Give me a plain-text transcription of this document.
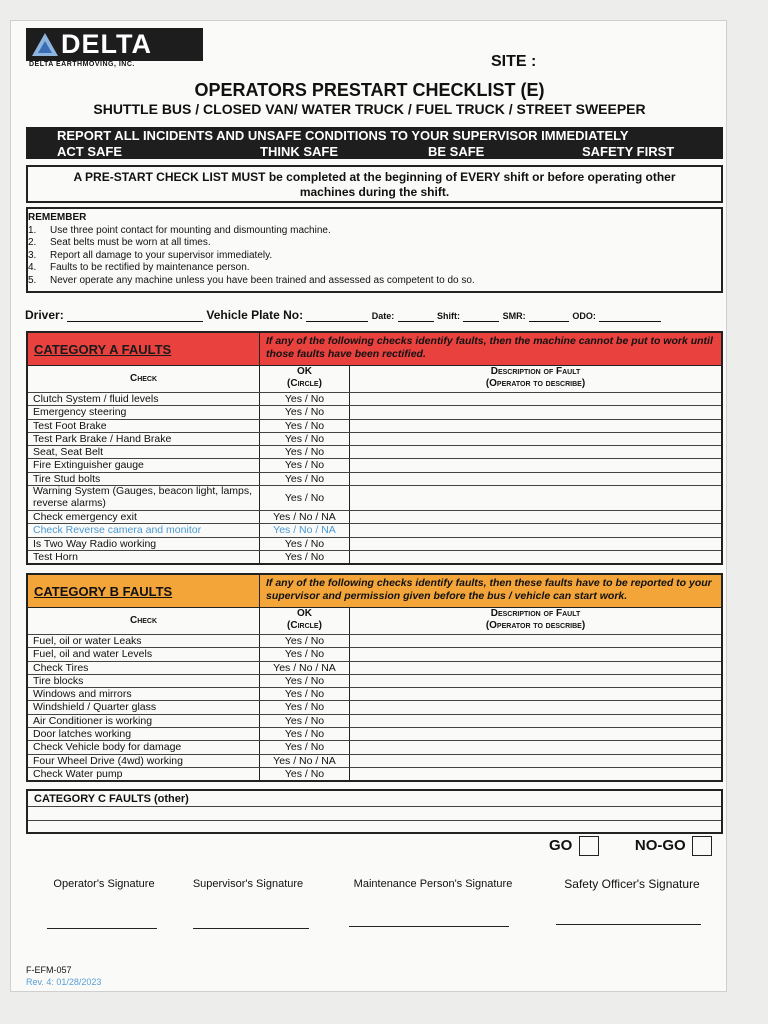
DELTA
DELTA EARTHMOVING, INC.	SITE :
OPERATORS PRESTART CHECKLIST (E)
SHUTTLE BUS / CLOSED VAN/ WATER TRUCK / FUEL TRUCK / STREET SWEEPER
REPORT ALL INCIDENTS AND UNSAFE CONDITIONS TO YOUR SUPERVISOR IMMEDIATELY
ACT SAFE	THINK SAFE	BE SAFE	SAFETY FIRST
A PRE-START CHECK LIST MUST be completed at the beginning of EVERY shift or before operating other
machines during the shift.
REMEMBER
1.	Use three point contact for mounting and dismounting machine.
2.	Seat belts must be worn at all times.
3.	Report all damage to your supervisor immediately.
4.	Faults to be rectified by maintenance person.
5.	Never operate any machine unless you have been trained and assessed as competent to do so.
Driver:	Vehicle Plate No:	Date:	Shift:	SMR:	ODO:
CATEGORY A FAULTS
If any of the following checks identify faults, then the machine cannot be put to work until those faults have been rectified.
Check
OK
(Circle)
Description of Fault
(Operator to describe)
Clutch System / fluid levels	Yes / No
Emergency steering	Yes / No
Test Foot Brake	Yes / No
Test Park Brake / Hand Brake	Yes / No
Seat, Seat Belt	Yes / No
Fire Extinguisher gauge	Yes / No
Tire Stud bolts	Yes / No
Warning System (Gauges, beacon light, lamps, reverse alarms)	Yes / No
Check emergency exit	Yes / No / NA
Check Reverse camera and monitor	Yes / No / NA
Is Two Way Radio working	Yes / No
Test Horn	Yes / No
CATEGORY B FAULTS
If any of the following checks identify faults, then these faults have to be reported to your supervisor and permission given before the bus / vehicle can start work.
Check
OK
(Circle)
Description of Fault
(Operator to describe)
Fuel, oil or water Leaks	Yes / No
Fuel, oil and water Levels	Yes / No
Check Tires	Yes / No / NA
Tire blocks	Yes / No
Windows and mirrors	Yes / No
Windshield / Quarter glass	Yes / No
Air Conditioner is working	Yes / No
Door latches working	Yes / No
Check Vehicle body for damage	Yes / No
Four Wheel Drive (4wd) working	Yes / No / NA
Check Water pump	Yes / No
CATEGORY C FAULTS (other)
GO	NO-GO
Operator's Signature	Supervisor's Signature	Maintenance Person's Signature	Safety Officer's Signature
F-EFM-057
Rev. 4: 01/28/2023
